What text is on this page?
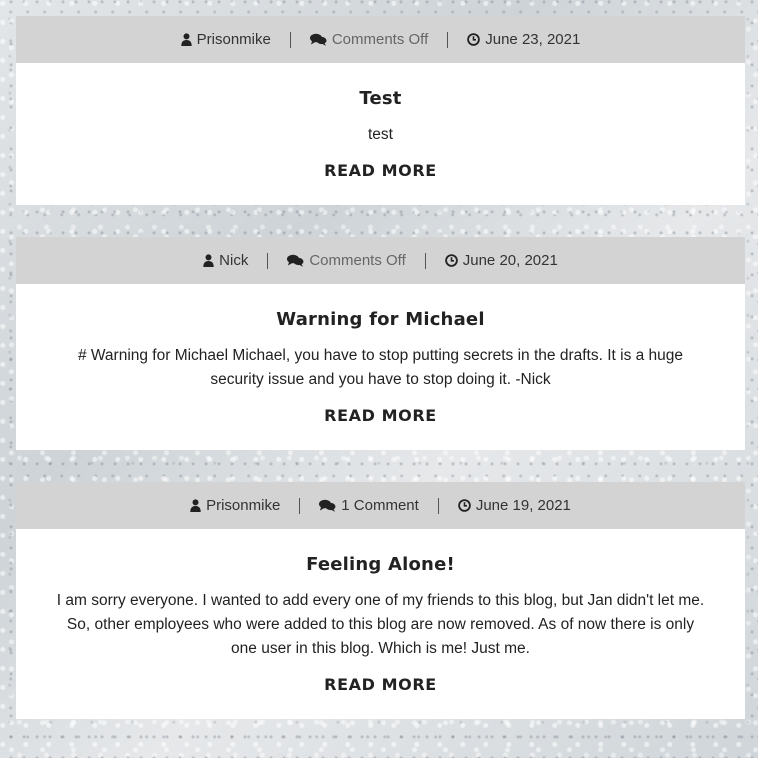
Prisonmike	Comments Off	June 23, 2021
Test

test

READ MORE
Nick	Comments Off	June 20, 2021
Warning for Michael

# Warning for Michael Michael, you have to stop putting secrets in the drafts. It is a huge security issue and you have to stop doing it. -Nick

READ MORE
Prisonmike	1 Comment	June 19, 2021
Feeling Alone!

I am sorry everyone. I wanted to add every one of my friends to this blog, but Jan didn't let me. So, other employees who were added to this blog are now removed. As of now there is only one user in this blog. Which is me! Just me.

READ MORE
